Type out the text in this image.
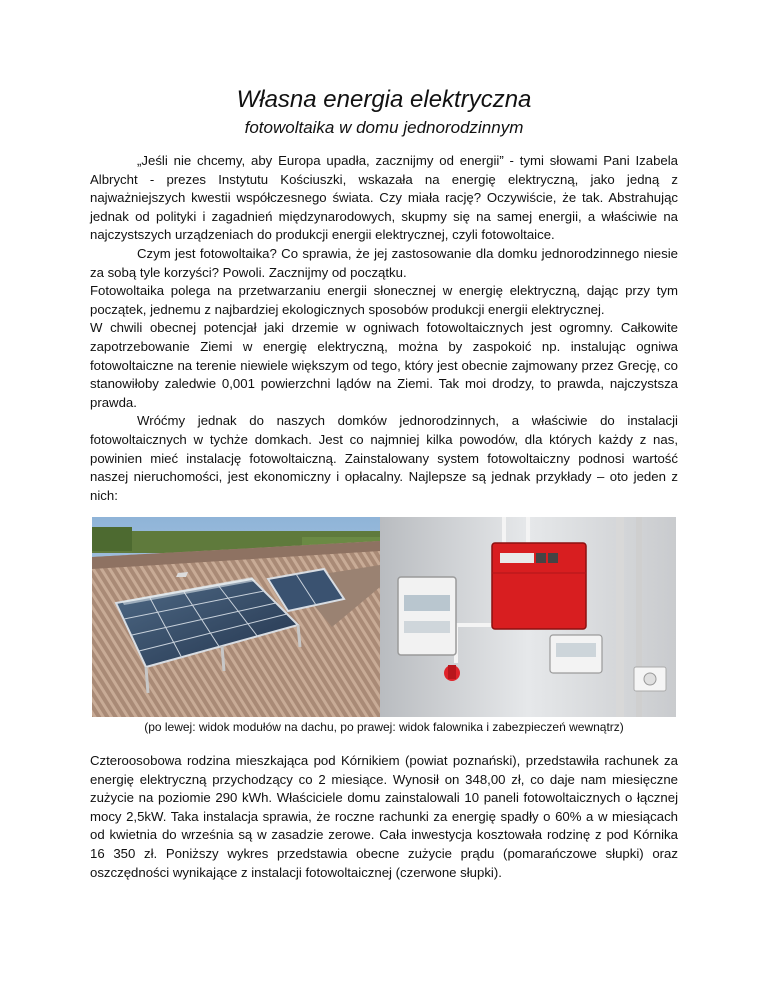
Własna energia elektryczna
fotowoltaika w domu jednorodzinnym

„Jeśli nie chcemy, aby Europa upadła, zacznijmy od energii” - tymi słowami Pani Izabela Albrycht - prezes Instytutu Kościuszki, wskazała na energię elektryczną, jako jedną z najważniejszych kwestii współczesnego świata. Czy miała rację? Oczywiście, że tak. Abstrahując jednak od polityki i zagadnień międzynarodowych, skupmy się na samej energii, a właściwie na najczystszych urządzeniach do produkcji energii elektrycznej, czyli fotowoltaice.

Czym jest fotowoltaika? Co sprawia, że jej zastosowanie dla domku jednorodzinnego niesie za sobą tyle korzyści? Powoli. Zacznijmy od początku.

Fotowoltaika polega na przetwarzaniu energii słonecznej w energię elektryczną, dając przy tym początek, jednemu z najbardziej ekologicznych sposobów produkcji energii elektrycznej.

W chwili obecnej potencjał jaki drzemie w ogniwach fotowoltaicznych jest ogromny. Całkowite zapotrzebowanie Ziemi w energię elektryczną, można by zaspokoić np. instalując ogniwa fotowoltaiczne na terenie niewiele większym od tego, który jest obecnie zajmowany przez Grecję, co stanowiłoby zaledwie 0,001 powierzchni lądów na Ziemi. Tak moi drodzy, to prawda, najczystsza prawda.

Wróćmy jednak do naszych domków jednorodzinnych, a właściwie do instalacji fotowoltaicznych w tychże domkach. Jest co najmniej kilka powodów, dla których każdy z nas, powinien mieć instalację fotowoltaiczną. Zainstalowany system fotowoltaiczny podnosi wartość naszej nieruchomości, jest ekonomiczny i opłacalny. Najlepsze są jednak przykłady – oto jeden z nich:

(po lewej: widok modułów na dachu, po prawej: widok falownika i zabezpieczeń wewnątrz)

Czteroosobowa rodzina mieszkająca pod Kórnikiem (powiat poznański), przedstawiła rachunek za energię elektryczną przychodzący co 2 miesiące. Wynosił on 348,00 zł, co daje nam miesięczne zużycie na poziomie 290 kWh. Właściciele domu zainstalowali 10 paneli fotowoltaicznych o łącznej mocy 2,5kW. Taka instalacja sprawia, że roczne rachunki za energię spadły o 60% a w miesiącach od kwietnia do września są w zasadzie zerowe. Cała inwestycja kosztowała rodzinę z pod Kórnika 16 350 zł. Poniższy wykres przedstawia obecne zużycie prądu (pomarańczowe słupki) oraz oszczędności wynikające z instalacji fotowoltaicznej (czerwone słupki).
